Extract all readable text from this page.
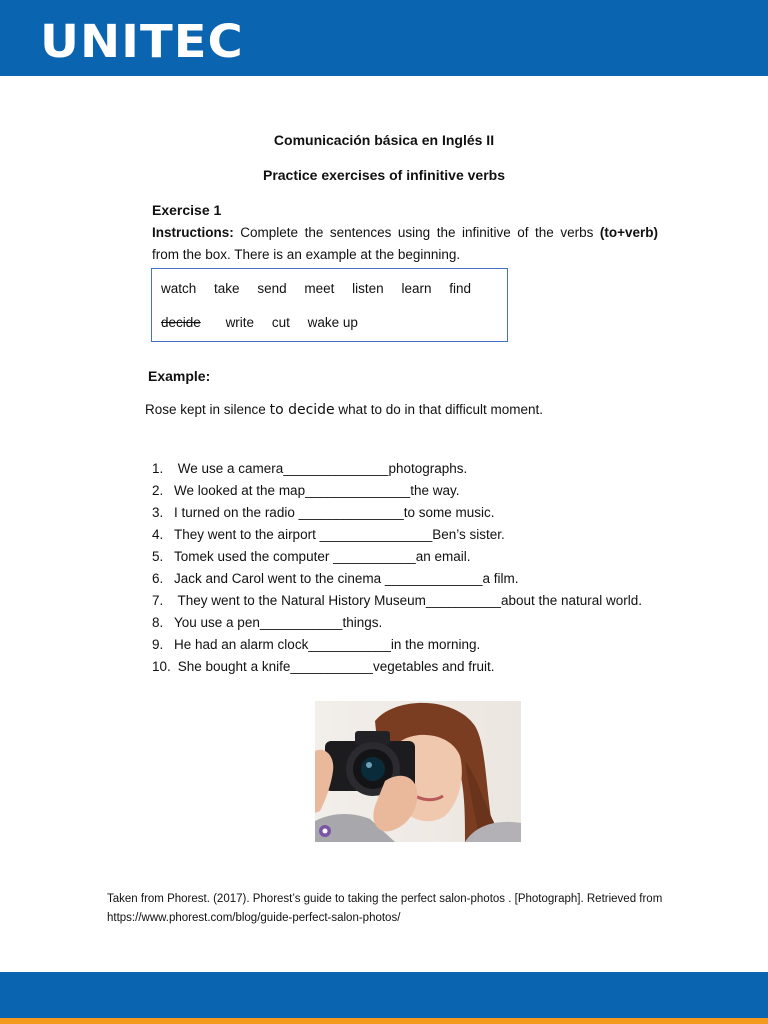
UNITEC
Comunicación básica en Inglés II
Practice exercises of infinitive verbs
Exercise 1
Instructions: Complete the sentences using the infinitive of the verbs (to+verb) from the box. There is an example at the beginning.
watch take send meet listen learn find
decide write cut wake up
Example:
Rose kept in silence to decide what to do in that difficult moment.
1. We use a camera______________photographs.
2. We looked at the map______________the way.
3. I turned on the radio ______________to some music.
4. They went to the airport _______________Ben’s sister.
5. Tomek used the computer ___________an email.
6. Jack and Carol went to the cinema _____________a film.
7. They went to the Natural History Museum__________about the natural world.
8. You use a pen___________things.
9. He had an alarm clock___________in the morning.
10. She bought a knife___________vegetables and fruit.
Taken from Phorest. (2017). Phorest’s guide to taking the perfect salon-photos . [Photograph]. Retrieved from https://www.phorest.com/blog/guide-perfect-salon-photos/
